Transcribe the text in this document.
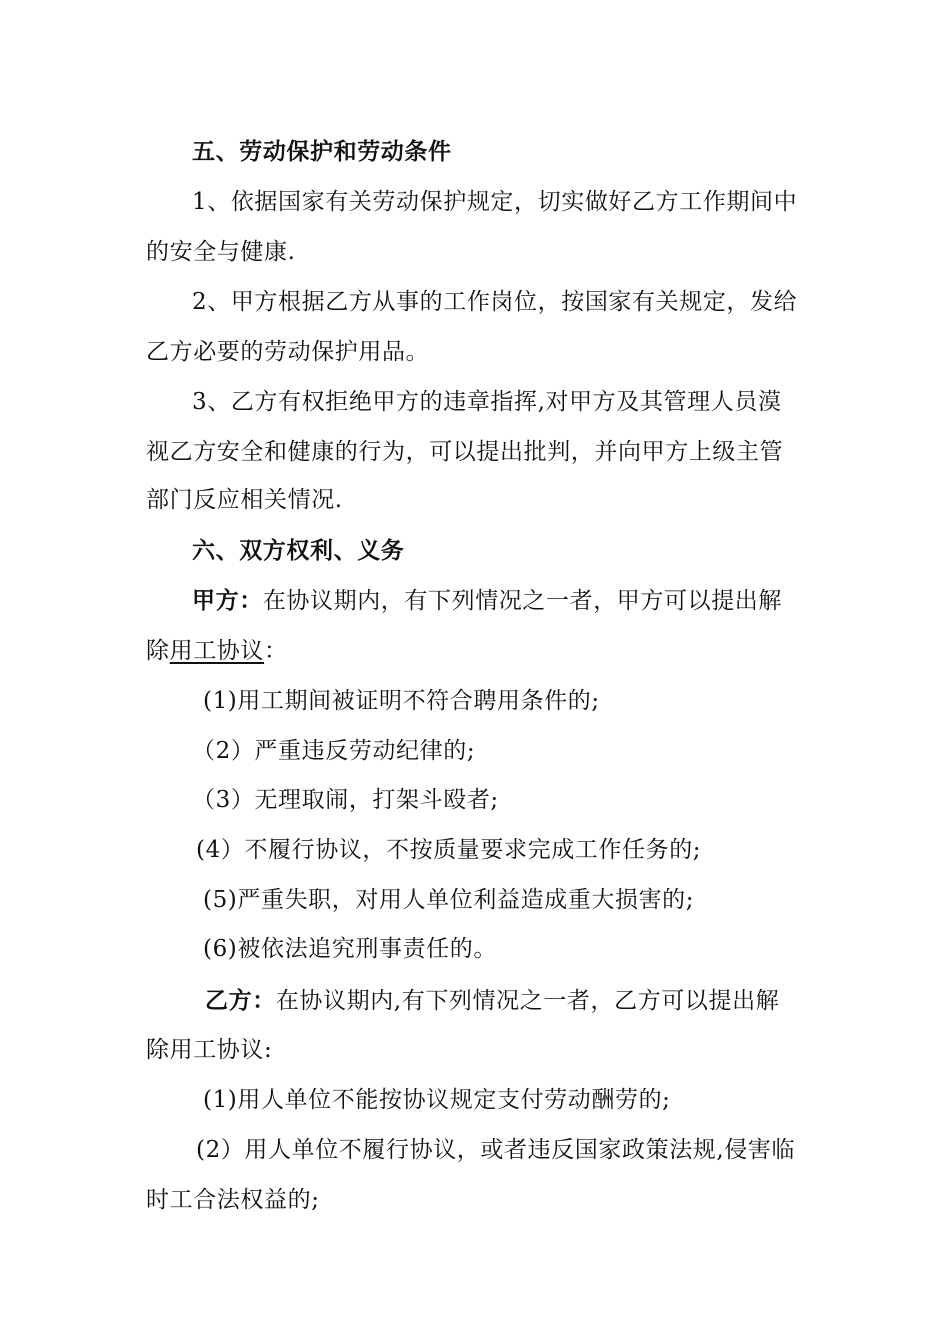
五、劳动保护和劳动条件

1、依据国家有关劳动保护规定，切实做好乙方工作期间中

的安全与健康.

2、甲方根据乙方从事的工作岗位，按国家有关规定，发给

乙方必要的劳动保护用品。

3、乙方有权拒绝甲方的违章指挥,对甲方及其管理人员漠

视乙方安全和健康的行为，可以提出批判，并向甲方上级主管

部门反应相关情况.

六、双方权利、义务

甲方：在协议期内，有下列情况之一者，甲方可以提出解

除用工协议：

(1)用工期间被证明不符合聘用条件的;

（2）严重违反劳动纪律的;

（3）无理取闹，打架斗殴者;

(4）不履行协议，不按质量要求完成工作任务的;

(5)严重失职，对用人单位利益造成重大损害的;

(6)被依法追究刑事责任的。

乙方：在协议期内,有下列情况之一者，乙方可以提出解

除用工协议:

(1)用人单位不能按协议规定支付劳动酬劳的;

(2）用人单位不履行协议，或者违反国家政策法规,侵害临

时工合法权益的;
